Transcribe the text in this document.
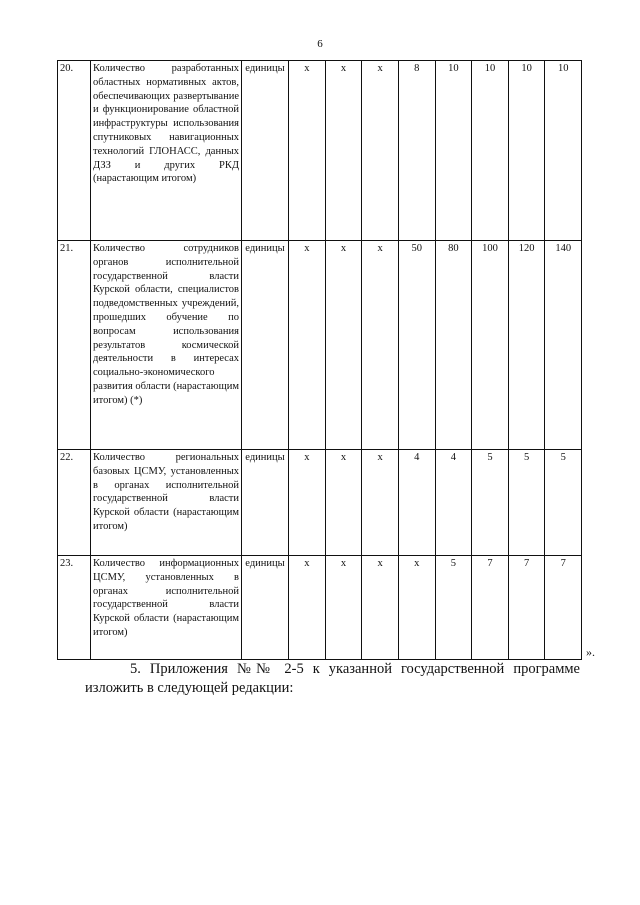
6
20.	Количество разработанных областных нормативных актов, обеспечивающих развертывание и функционирование областной инфраструктуры использования спутниковых навигационных технологий ГЛОНАСС, данных ДЗЗ и других РКД (нарастающим итогом)	единицы	х	х	х	8	10	10	10	10
21.	Количество сотрудников органов исполнительной государственной власти Курской области, специалистов подведомственных учреждений, прошедших обучение по вопросам использования результатов космической деятельности в интересах социально-экономического развития области (нарастающим итогом) (*)	единицы	х	х	х	50	80	100	120	140
22.	Количество региональных базовых ЦСМУ, установленных в органах исполнительной государственной власти Курской области (нарастающим итогом)	единицы	х	х	х	4	4	5	5	5
23.	Количество информационных ЦСМУ, установленных в органах исполнительной государственной власти Курской области (нарастающим итогом)	единицы	х	х	х	х	5	7	7	7
».
5. Приложения №№ 2-5 к указанной государственной программе изложить в следующей редакции:
